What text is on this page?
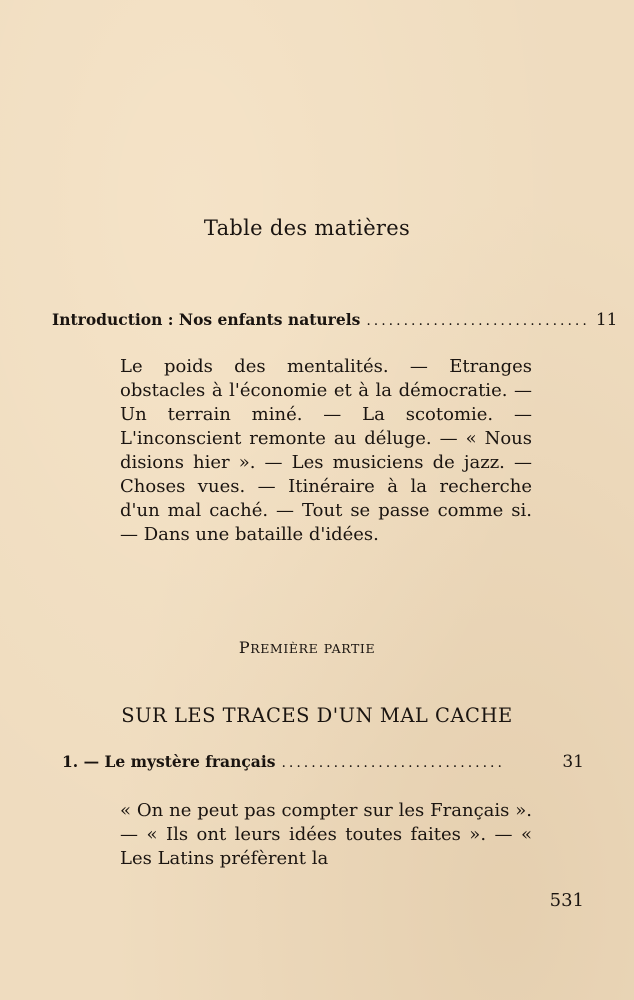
Table des matières
Introduction : Nos enfants naturels .............................. 11
Le poids des mentalités. — Etranges obstacles à l'économie et à la démocratie. — Un terrain miné. — La scotomie. — L'inconscient remonte au déluge. — « Nous disions hier ». — Les musiciens de jazz. — Choses vues. — Itinéraire à la recherche d'un mal caché. — Tout se passe comme si. — Dans une bataille d'idées.
PREMIÈRE PARTIE
SUR LES TRACES D'UN MAL CACHE
1. — Le mystère français ..............................	31
« On ne peut pas compter sur les Français ». — « Ils ont leurs idées toutes faites ». — « Les Latins préfèrent la
531
